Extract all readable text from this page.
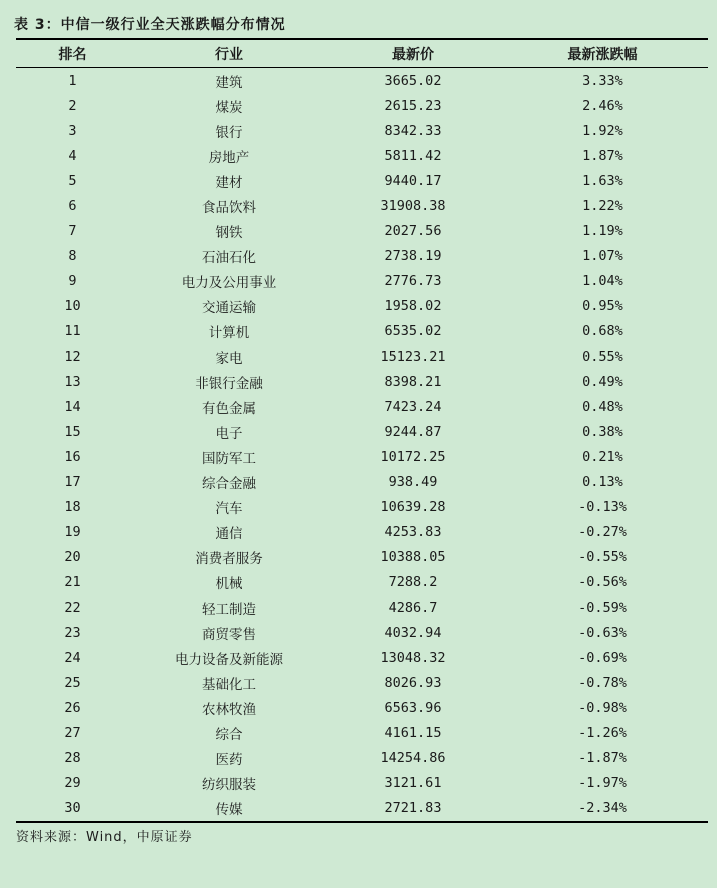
表 3：中信一级行业全天涨跌幅分布情况
排名	行业	最新价	最新涨跌幅
1	建筑	3665.02	3.33%
2	煤炭	2615.23	2.46%
3	银行	8342.33	1.92%
4	房地产	5811.42	1.87%
5	建材	9440.17	1.63%
6	食品饮料	31908.38	1.22%
7	钢铁	2027.56	1.19%
8	石油石化	2738.19	1.07%
9	电力及公用事业	2776.73	1.04%
10	交通运输	1958.02	0.95%
11	计算机	6535.02	0.68%
12	家电	15123.21	0.55%
13	非银行金融	8398.21	0.49%
14	有色金属	7423.24	0.48%
15	电子	9244.87	0.38%
16	国防军工	10172.25	0.21%
17	综合金融	938.49	0.13%
18	汽车	10639.28	-0.13%
19	通信	4253.83	-0.27%
20	消费者服务	10388.05	-0.55%
21	机械	7288.2	-0.56%
22	轻工制造	4286.7	-0.59%
23	商贸零售	4032.94	-0.63%
24	电力设备及新能源	13048.32	-0.69%
25	基础化工	8026.93	-0.78%
26	农林牧渔	6563.96	-0.98%
27	综合	4161.15	-1.26%
28	医药	14254.86	-1.87%
29	纺织服装	3121.61	-1.97%
30	传媒	2721.83	-2.34%
资料来源：Wind，中原证券
